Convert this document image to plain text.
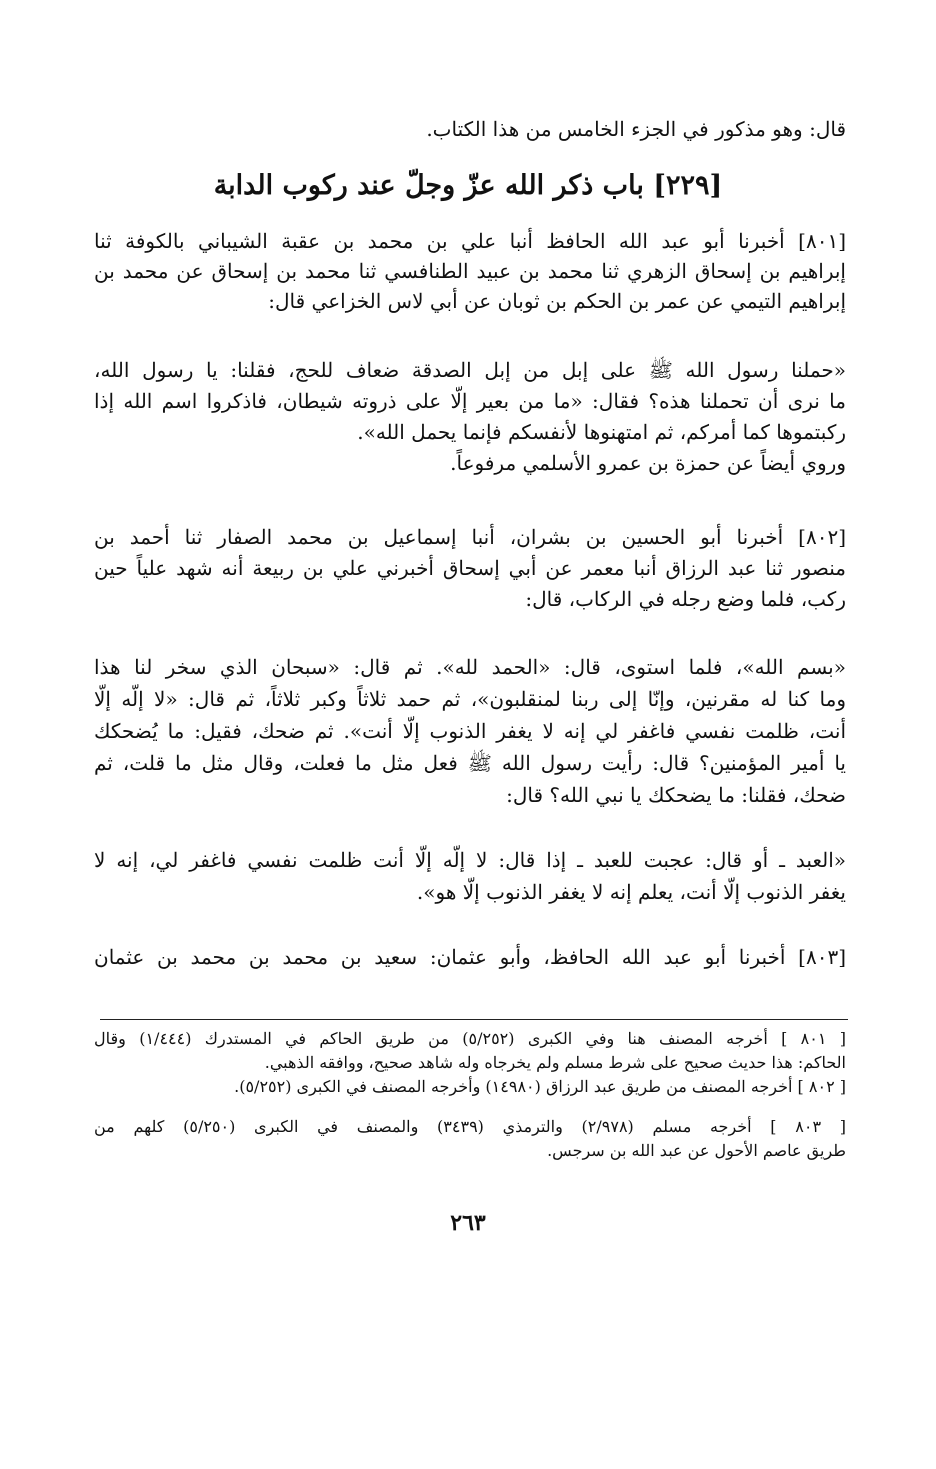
قال: وهو مذكور في الجزء الخامس من هذا الكتاب.
[٢٢٩] باب ذكر الله عزّ وجلّ عند ركوب الدابة
[٨٠١] أخبرنا أبو عبد الله الحافظ أنبا علي بن محمد بن عقبة الشيباني بالكوفة ثنا
إبراهيم بن إسحاق الزهري ثنا محمد بن عبيد الطنافسي ثنا محمد بن إسحاق عن محمد بن
إبراهيم التيمي عن عمر بن الحكم بن ثوبان عن أبي لاس الخزاعي قال:
«حملنا رسول الله ﷺ على إبل من إبل الصدقة ضعاف للحج، فقلنا: يا رسول الله،
ما نرى أن تحملنا هذه؟ فقال: «ما من بعير إلّا على ذروته شيطان، فاذكروا اسم الله إذا
ركبتموها كما أمركم، ثم امتهنوها لأنفسكم فإنما يحمل الله».
وروي أيضاً عن حمزة بن عمرو الأسلمي مرفوعاً.
[٨٠٢] أخبرنا أبو الحسين بن بشران، أنبا إسماعيل بن محمد الصفار ثنا أحمد بن
منصور ثنا عبد الرزاق أنبا معمر عن أبي إسحاق أخبرني علي بن ربيعة أنه شهد علياً حين
ركب، فلما وضع رجله في الركاب، قال:
«بسم الله»، فلما استوى، قال: «الحمد لله». ثم قال: «سبحان الذي سخر لنا هذا
وما كنا له مقرنين، وإنّا إلى ربنا لمنقلبون»، ثم حمد ثلاثاً وكبر ثلاثاً، ثم قال: «لا إلّه إلّا
أنت، ظلمت نفسي فاغفر لي إنه لا يغفر الذنوب إلّا أنت». ثم ضحك، فقيل: ما يُضحكك
يا أمير المؤمنين؟ قال: رأيت رسول الله ﷺ فعل مثل ما فعلت، وقال مثل ما قلت، ثم
ضحك، فقلنا: ما يضحكك يا نبي الله؟ قال:
«العبد ـ أو قال: عجبت للعبد ـ إذا قال: لا إلّه إلّا أنت ظلمت نفسي فاغفر لي، إنه لا
يغفر الذنوب إلّا أنت، يعلم إنه لا يغفر الذنوب إلّا هو».
[٨٠٣] أخبرنا أبو عبد الله الحافظ، وأبو عثمان: سعيد بن محمد بن محمد بن عثمان
[ ٨٠١ ] أخرجه المصنف هنا وفي الكبرى (٥/٢٥٢) من طريق الحاكم في المستدرك (١/٤٤٤) وقال
الحاكم: هذا حديث صحيح على شرط مسلم ولم يخرجاه وله شاهد صحيح، ووافقه الذهبي.
[ ٨٠٢ ] أخرجه المصنف من طريق عبد الرزاق (١٤٩٨٠) وأخرجه المصنف في الكبرى (٥/٢٥٢).
[ ٨٠٣ ] أخرجه مسلم (٢/٩٧٨) والترمذي (٣٤٣٩) والمصنف في الكبرى (٥/٢٥٠) كلهم من
طريق عاصم الأحول عن عبد الله بن سرجس.
٢٦٣
